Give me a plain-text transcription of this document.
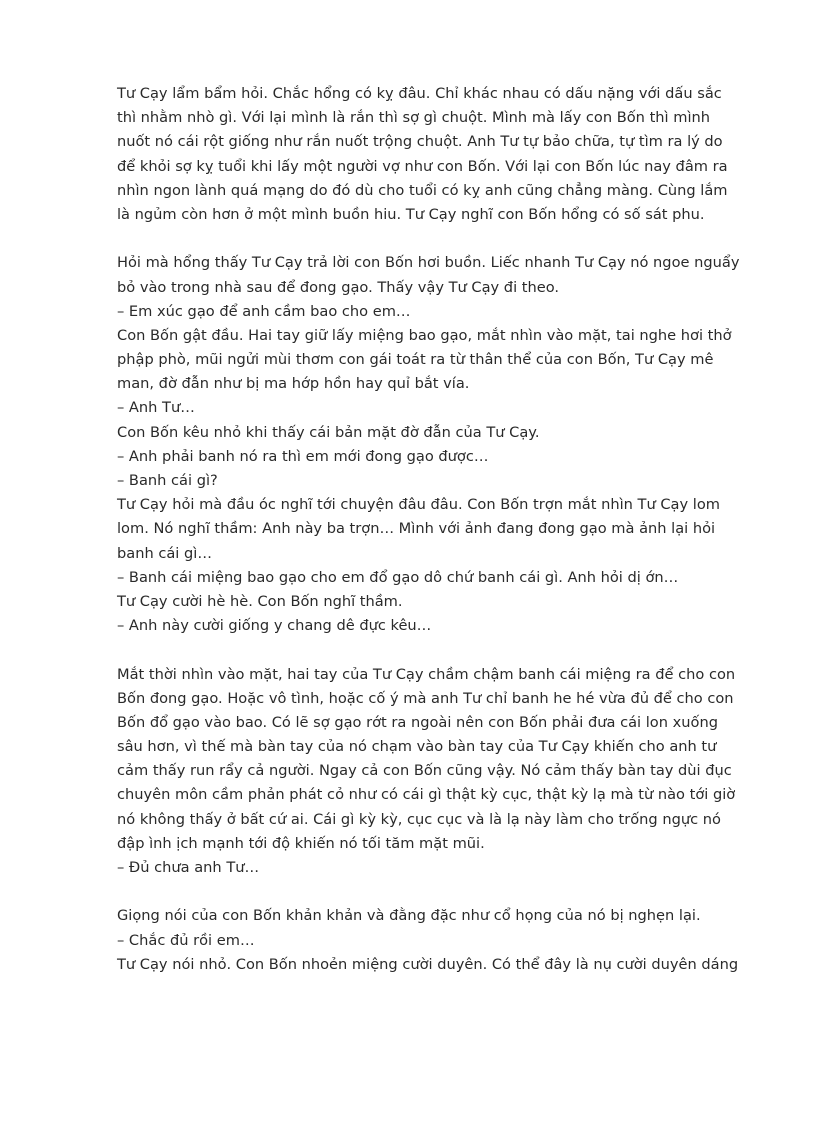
Tư Cạy lẩm bẩm hỏi. Chắc hổng có kỵ đâu. Chỉ khác nhau có dấu nặng với dấu sắc
thì nhằm nhò gì. Với lại mình là rắn thì sợ gì chuột. Mình mà lấy con Bốn thì mình
nuốt nó cái rột giống như rắn nuốt trộng chuột. Anh Tư tự bảo chữa, tự tìm ra lý do
để khỏi sợ kỵ tuổi khi lấy một người vợ như con Bốn. Với lại con Bốn lúc nay đâm ra
nhìn ngon lành quá mạng do đó dù cho tuổi có kỵ anh cũng chẳng màng. Cùng lắm
là ngủm còn hơn ở một mình buồn hiu. Tư Cạy nghĩ con Bốn hổng có số sát phu.
Hỏi mà hổng thấy Tư Cạy trả lời con Bốn hơi buồn. Liếc nhanh Tư Cạy nó ngoe nguẩy
bỏ vào trong nhà sau để đong gạo. Thấy vậy Tư Cạy đi theo.
– Em xúc gạo để anh cầm bao cho em…
Con Bốn gật đầu. Hai tay giữ lấy miệng bao gạo, mắt nhìn vào mặt, tai nghe hơi thở
phập phò, mũi ngửi mùi thơm con gái toát ra từ thân thể của con Bốn, Tư Cạy mê
man, đờ đẫn như bị ma hớp hồn hay quỉ bắt vía.
– Anh Tư…
Con Bốn kêu nhỏ khi thấy cái bản mặt đờ đẫn của Tư Cạy.
– Anh phải banh nó ra thì em mới đong gạo được…
– Banh cái gì?
Tư Cạy hỏi mà đầu óc nghĩ tới chuyện đâu đâu. Con Bốn trợn mắt nhìn Tư Cạy lom
lom. Nó nghĩ thầm: Anh này ba trợn… Mình với ảnh đang đong gạo mà ảnh lại hỏi
banh cái gì…
– Banh cái miệng bao gạo cho em đổ gạo dô chứ banh cái gì. Anh hỏi dị ớn…
Tư Cạy cười hè hè. Con Bốn nghĩ thầm.
– Anh này cười giống y chang dê đực kêu…
Mắt thời nhìn vào mặt, hai tay của Tư Cạy chầm chậm banh cái miệng ra để cho con
Bốn đong gạo. Hoặc vô tình, hoặc cố ý mà anh Tư chỉ banh he hé vừa đủ để cho con
Bốn đổ gạo vào bao. Có lẽ sợ gạo rớt ra ngoài nên con Bốn phải đưa cái lon xuống
sâu hơn, vì thế mà bàn tay của nó chạm vào bàn tay của Tư Cạy khiến cho anh tư
cảm thấy run rẩy cả người. Ngay cả con Bốn cũng vậy. Nó cảm thấy bàn tay dùi đục
chuyên môn cầm phản phát cỏ như có cái gì thật kỳ cục, thật kỳ lạ mà từ nào tới giờ
nó không thấy ở bất cứ ai. Cái gì kỳ kỳ, cục cục và là lạ này làm cho trống ngực nó
đập ình ịch mạnh tới độ khiến nó tối tăm mặt mũi.
– Đủ chưa anh Tư…
Giọng nói của con Bốn khản khản và đằng đặc như cổ họng của nó bị nghẹn lại.
– Chắc đủ rồi em…
Tư Cạy nói nhỏ. Con Bốn nhoẻn miệng cười duyên. Có thể đây là nụ cười duyên dáng
